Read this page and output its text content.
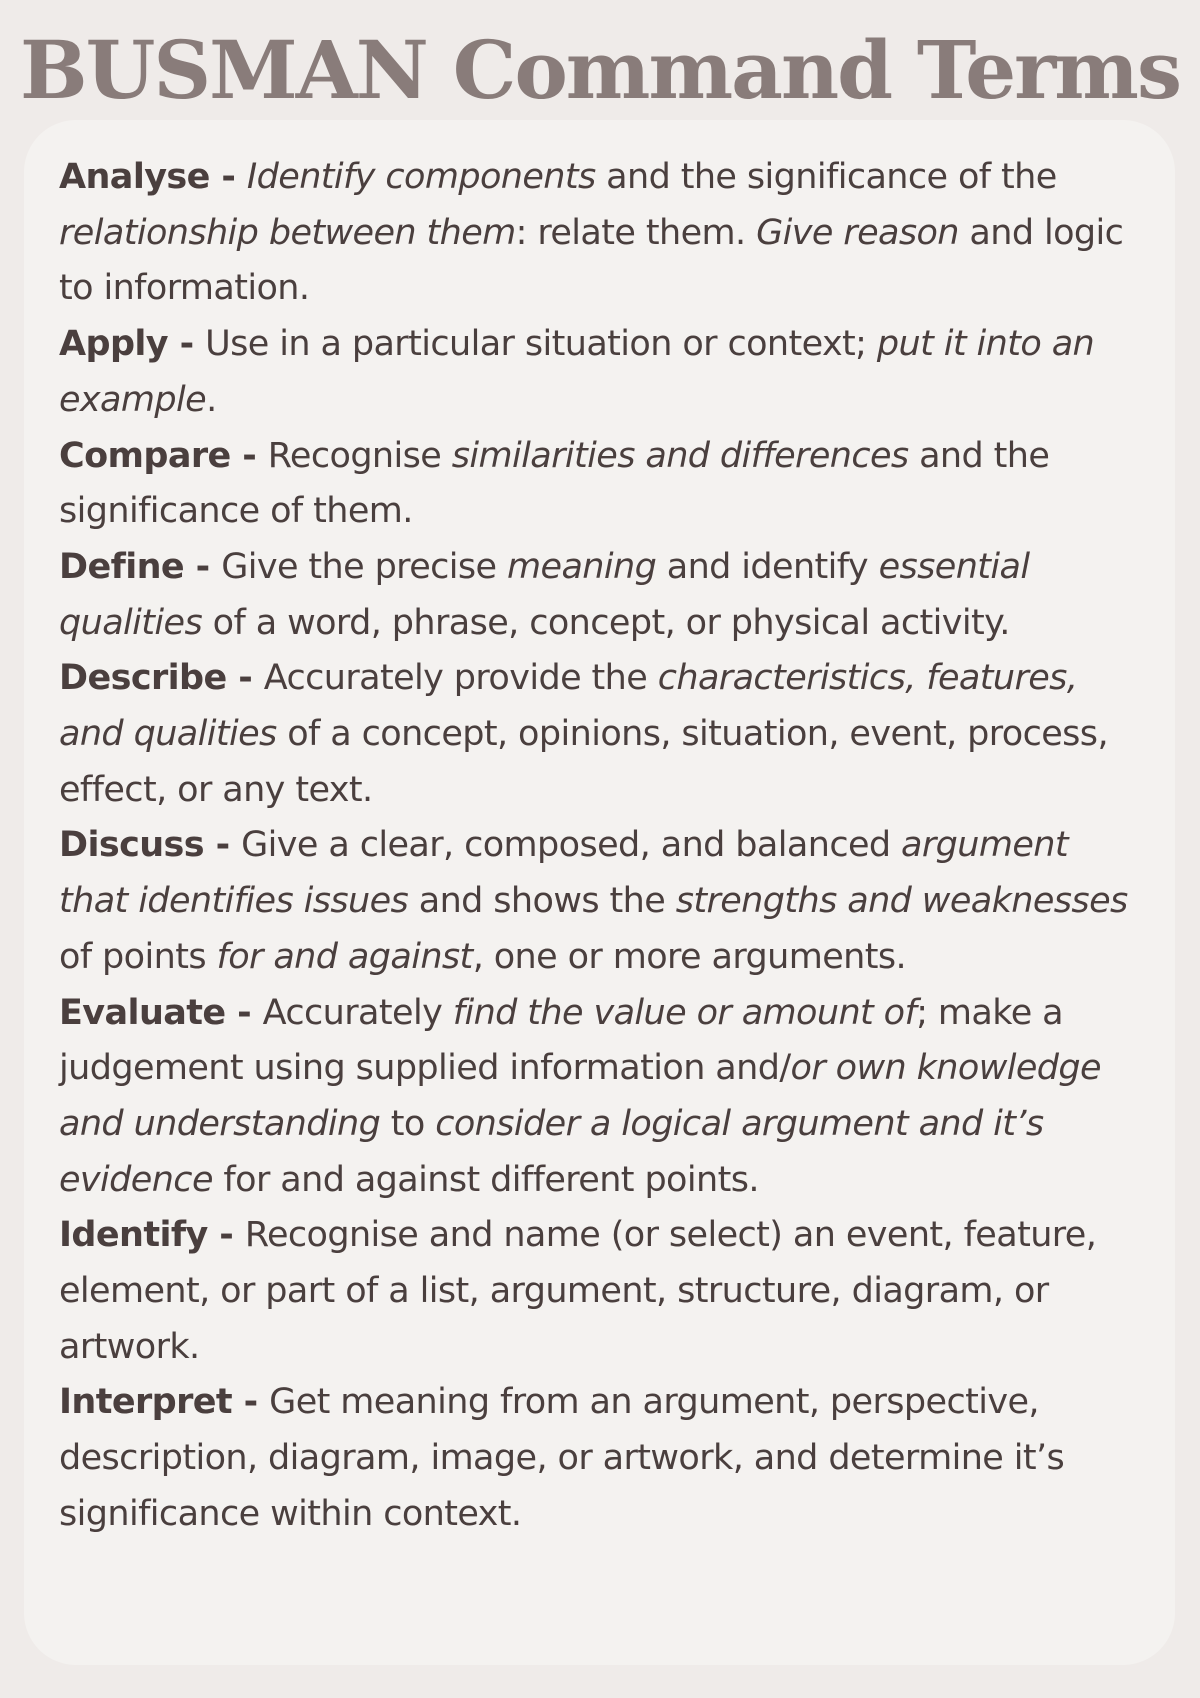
BUSMAN Command Terms

Analyse - Identify components and the significance of the relationship between them: relate them. Give reason and logic to information.

Apply - Use in a particular situation or context; put it into an example.

Compare - Recognise similarities and differences and the significance of them.

Define - Give the precise meaning and identify essential qualities of a word, phrase, concept, or physical activity.

Describe - Accurately provide the characteristics, features, and qualities of a concept, opinions, situation, event, process, effect, or any text.

Discuss - Give a clear, composed, and balanced argument that identifies issues and shows the strengths and weaknesses of points for and against, one or more arguments.

Evaluate - Accurately find the value or amount of; make a judgement using supplied information and/or own knowledge and understanding to consider a logical argument and it’s evidence for and against different points.

Identify - Recognise and name (or select) an event, feature, element, or part of a list, argument, structure, diagram, or artwork.

Interpret - Get meaning from an argument, perspective, description, diagram, image, or artwork, and determine it’s significance within context.
